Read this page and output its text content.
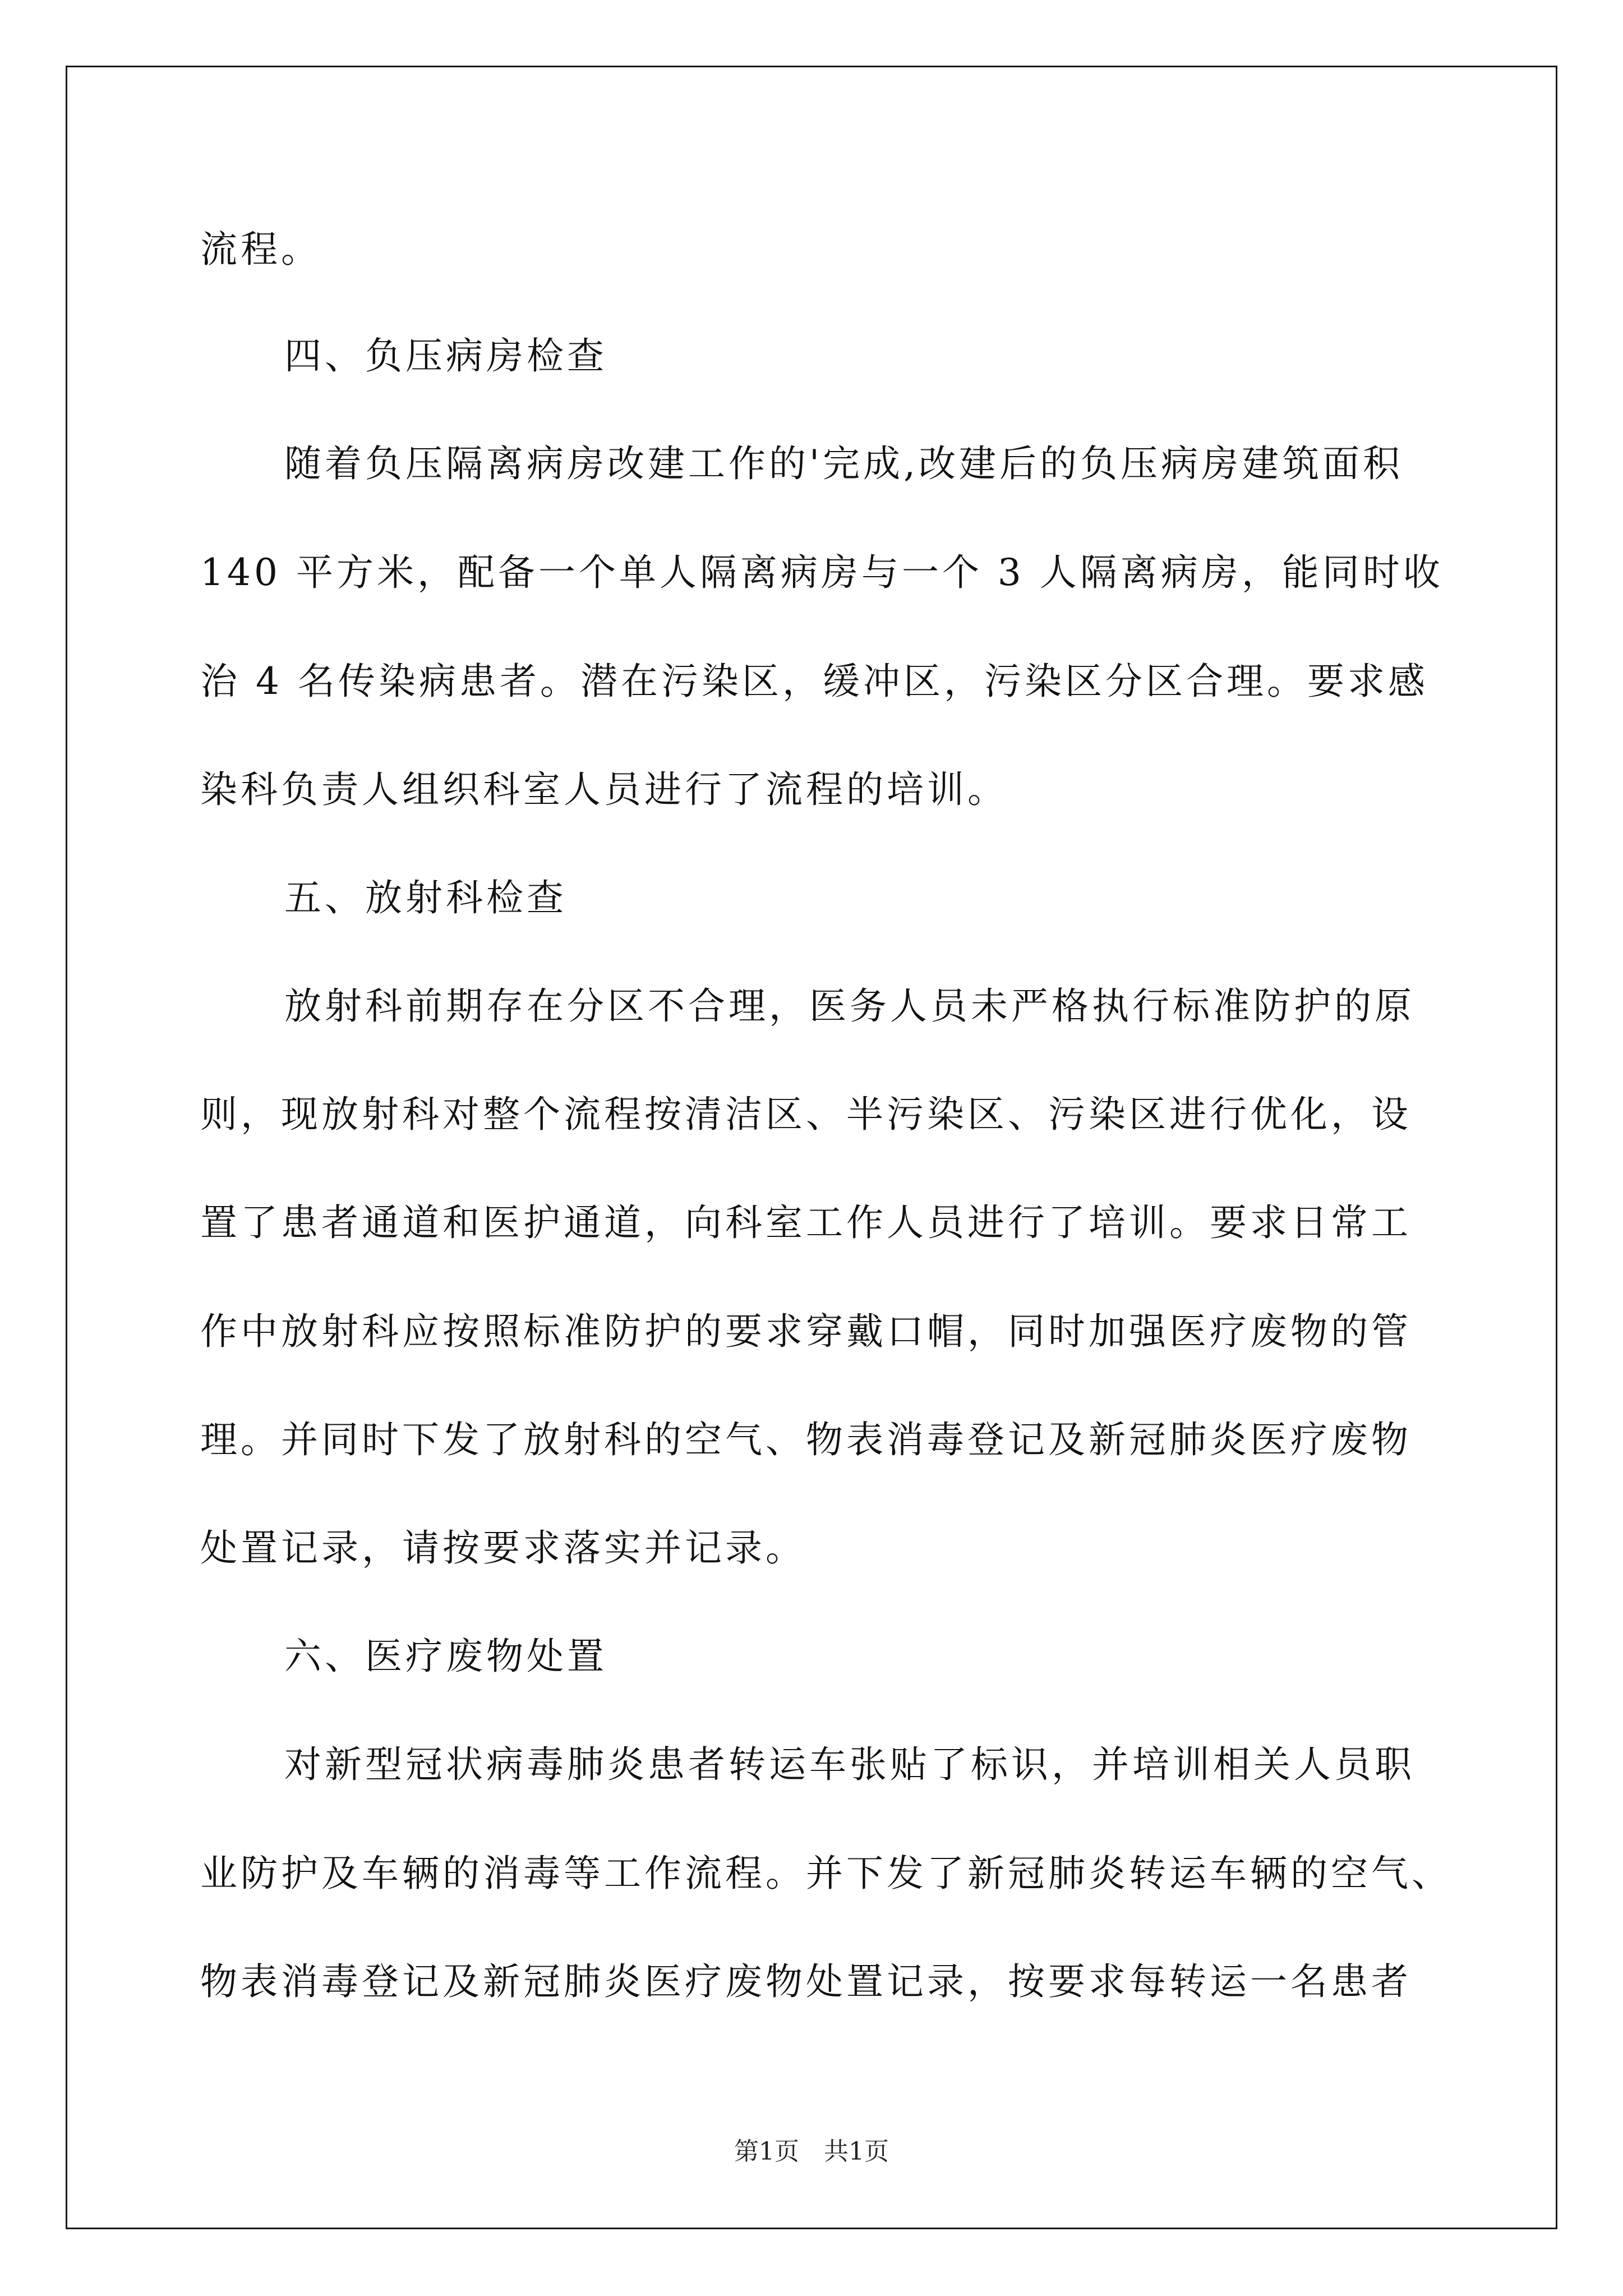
流程。
四、负压病房检查
随着负压隔离病房改建工作的'完成,改建后的负压病房建筑面积
140 平方米，配备一个单人隔离病房与一个 3 人隔离病房，能同时收
治 4 名传染病患者。潜在污染区，缓冲区，污染区分区合理。要求感
染科负责人组织科室人员进行了流程的培训。
五、放射科检查
放射科前期存在分区不合理，医务人员未严格执行标准防护的原
则，现放射科对整个流程按清洁区、半污染区、污染区进行优化，设
置了患者通道和医护通道，向科室工作人员进行了培训。要求日常工
作中放射科应按照标准防护的要求穿戴口帽，同时加强医疗废物的管
理。并同时下发了放射科的空气、物表消毒登记及新冠肺炎医疗废物
处置记录，请按要求落实并记录。
六、医疗废物处置
对新型冠状病毒肺炎患者转运车张贴了标识，并培训相关人员职
业防护及车辆的消毒等工作流程。并下发了新冠肺炎转运车辆的空气、
物表消毒登记及新冠肺炎医疗废物处置记录，按要求每转运一名患者
第1页　共1页
